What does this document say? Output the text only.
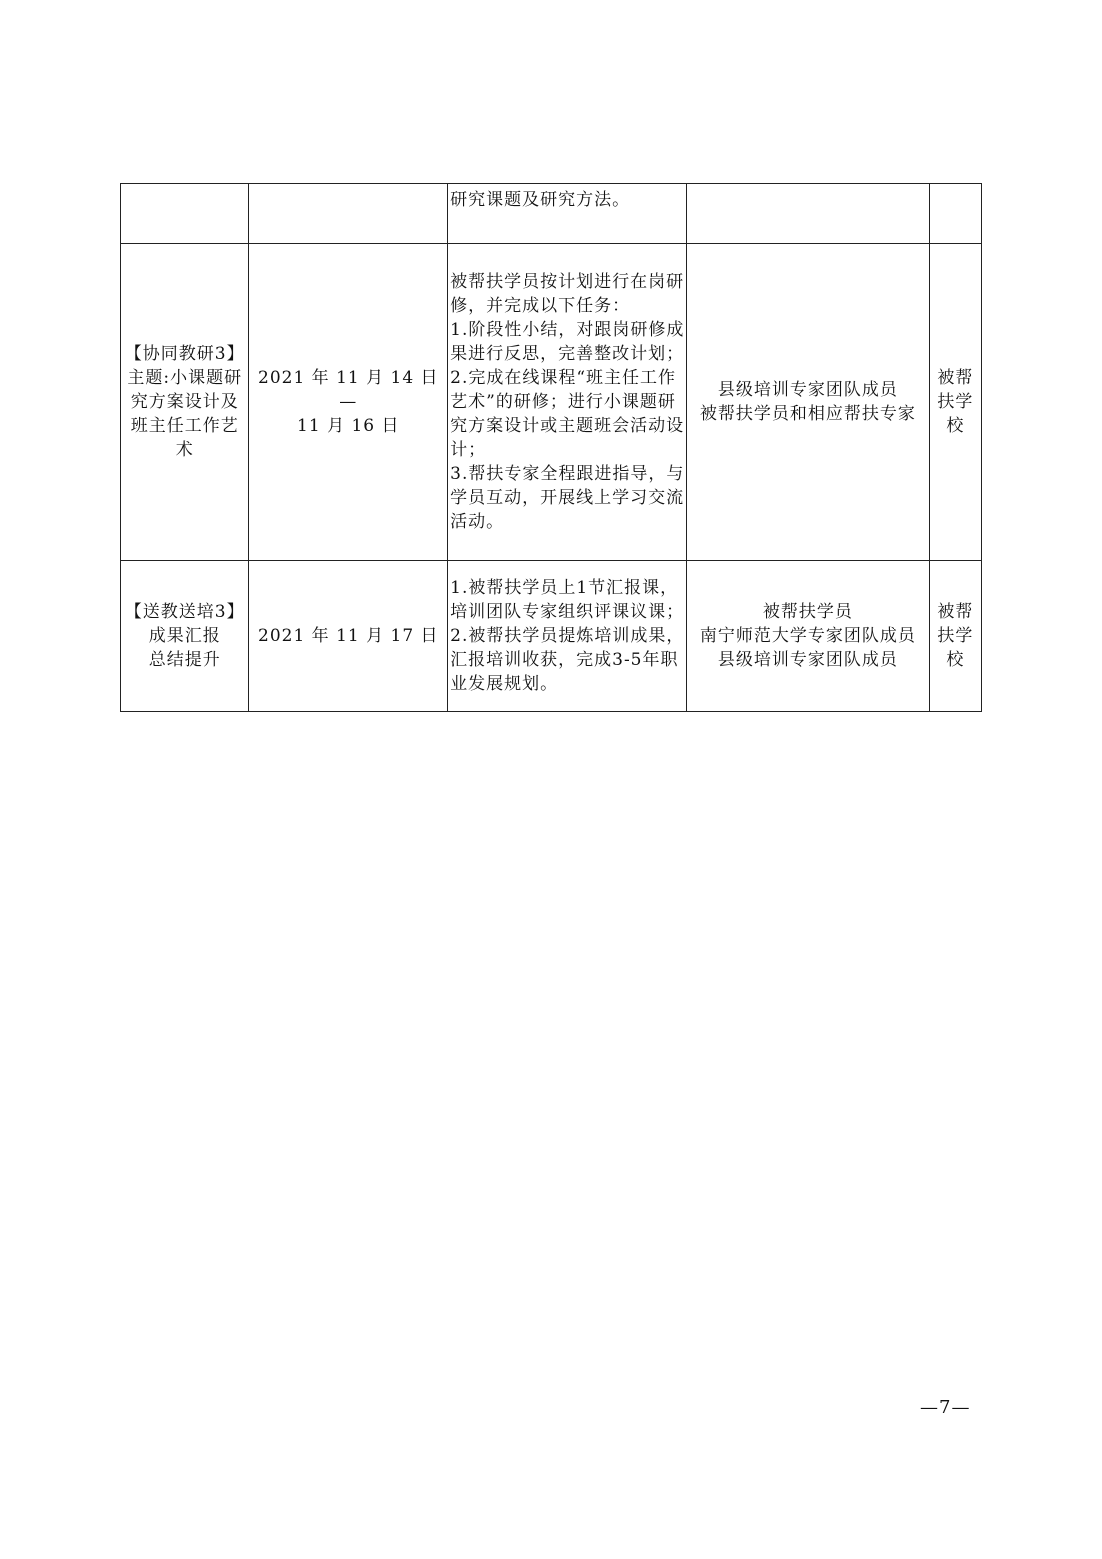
		研究课题及研究方法。		

【协同教研3】
主题:小课题研
究方案设计及
班主任工作艺
术	2021 年 11 月 14 日—
11 月 16 日	被帮扶学员按计划进行在岗研修，并完成以下任务：
1.阶段性小结，对跟岗研修成果进行反思，完善整改计划；
2.完成在线课程“班主任工作艺术”的研修；进行小课题研究方案设计或主题班会活动设计；
3.帮扶专家全程跟进指导，与学员互动，开展线上学习交流活动。	县级培训专家团队成员
被帮扶学员和相应帮扶专家	被帮
扶学
校

【送教送培3】
成果汇报
总结提升	2021 年 11 月 17 日	1.被帮扶学员上1节汇报课，培训团队专家组织评课议课；
2.被帮扶学员提炼培训成果，汇报培训收获，完成3-5年职业发展规划。	被帮扶学员
南宁师范大学专家团队成员
县级培训专家团队成员	被帮
扶学
校
—7—
